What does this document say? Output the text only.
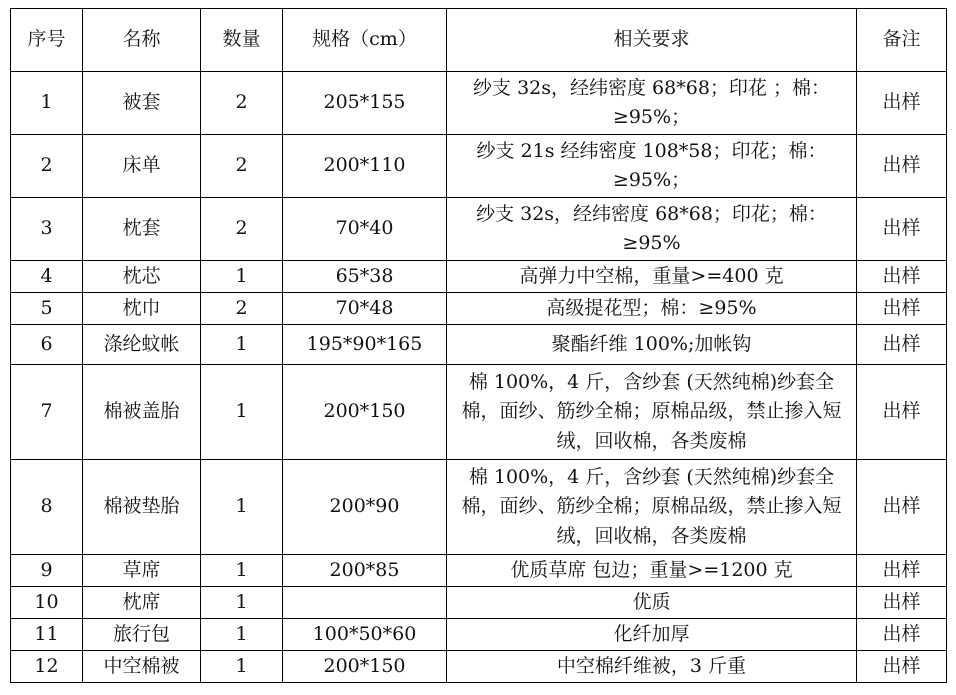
序号	名称	数量	规格（cm）	相关要求	备注
1	被套	2	205*155	纱支 32s，经纬密度 68*68；印花 ；棉：≥95%；	出样
2	床单	2	200*110	纱支 21s 经纬密度 108*58；印花；棉：≥95%；	出样
3	枕套	2	70*40	纱支 32s，经纬密度 68*68；印花；棉：≥95%	出样
4	枕芯	1	65*38	高弹力中空棉，重量>=400 克	出样
5	枕巾	2	70*48	高级提花型；棉：≥95%	出样
6	涤纶蚊帐	1	195*90*165	聚酯纤维 100%;加帐钩	出样
7	棉被盖胎	1	200*150	棉 100%，4 斤，含纱套 (天然纯棉)纱套全棉，面纱、筋纱全棉；原棉品级，禁止掺入短绒，回收棉，各类废棉	出样
8	棉被垫胎	1	200*90	棉 100%，4 斤，含纱套 (天然纯棉)纱套全棉，面纱、筋纱全棉；原棉品级，禁止掺入短绒，回收棉，各类废棉	出样
9	草席	1	200*85	优质草席 包边；重量>=1200 克	出样
10	枕席	1		优质	出样
11	旅行包	1	100*50*60	化纤加厚	出样
12	中空棉被	1	200*150	中空棉纤维被，3 斤重	出样
